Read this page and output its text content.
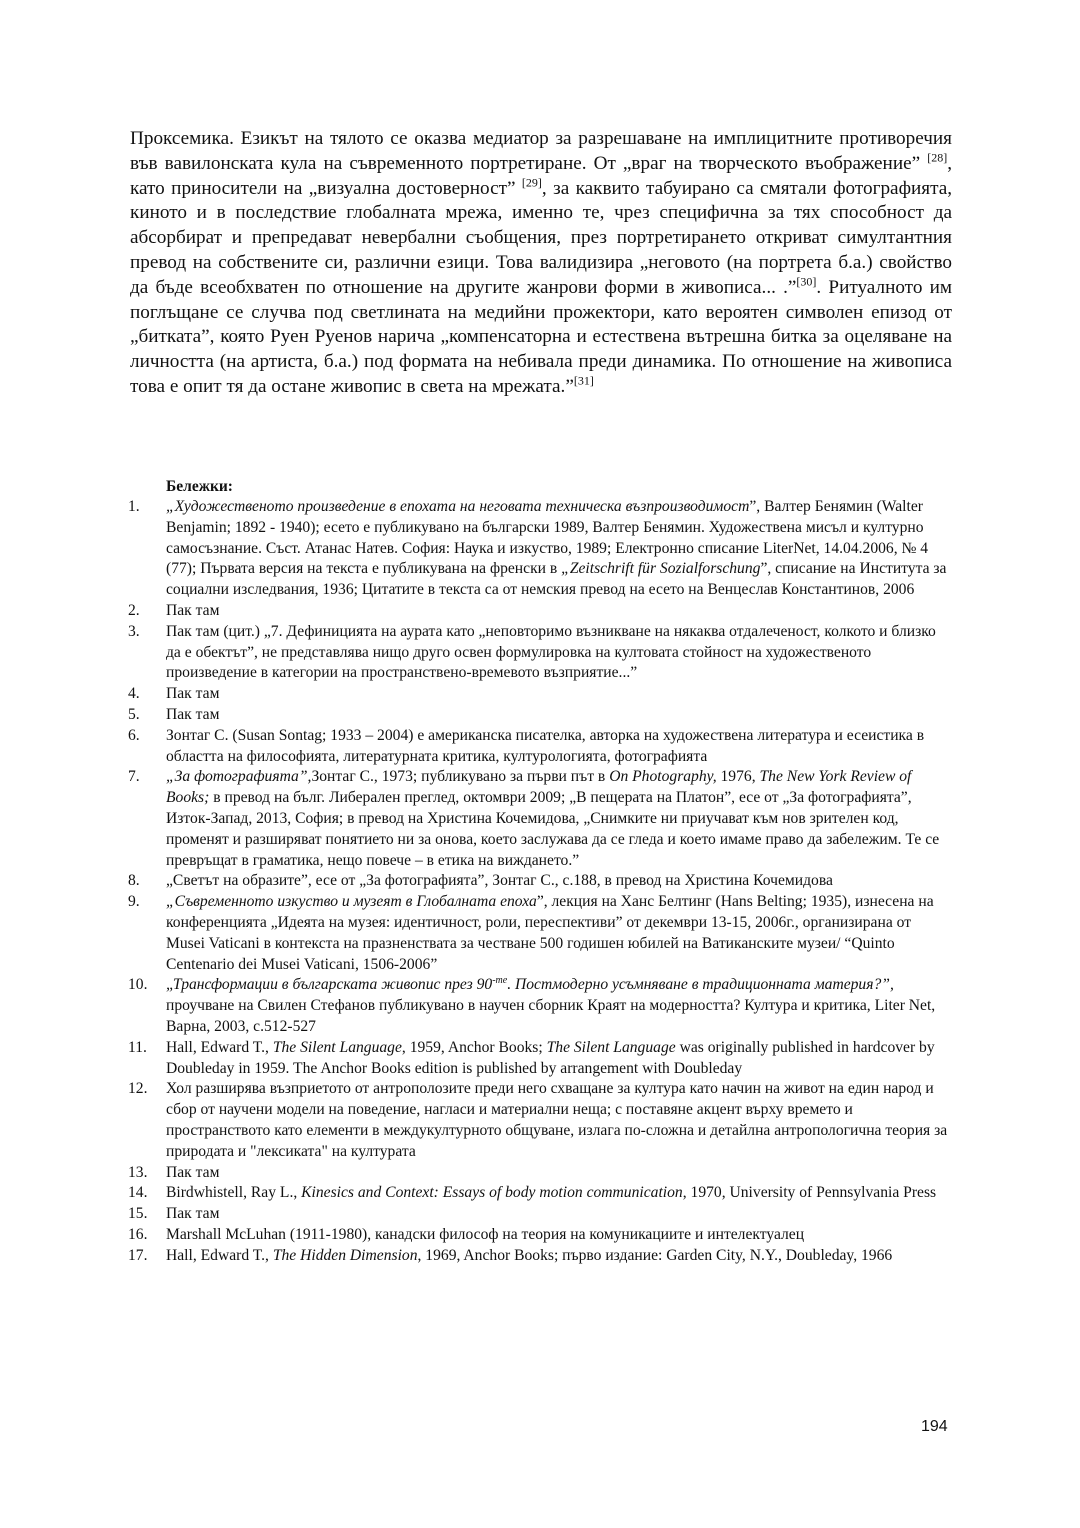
Проксемика. Езикът на тялото се оказва медиатор за разрешаване на имплицитните противоречия във вавилонската кула на съвременното портретиране. От „враг на творческото въображение” [28], като приносители на „визуална достоверност” [29], за каквито табуирано са смятали фотографията, киното и в последствие глобалната мрежа, именно те, чрез специфична за тях способност да абсорбират и препредават невербални съобщения, през портретирането откриват симултантния превод на собствените си, различни езици. Това валидизира „неговото (на портрета б.а.) свойство да бъде всеобхватен по отношение на другите жанрови форми в живописа... .”[30]. Ритуалното им поглъщане се случва под светлината на медийни прожектори, като вероятен символен епизод от „битката”, която Руен Руенов нарича „компенсаторна и естествена вътрешна битка за оцеляване на личността (на артиста, б.а.) под формата на небивала преди динамика. По отношение на живописа това е опит тя да остане живопис в света на мрежата.”[31]

Бележки:

1. „Художественото произведение в епохата на неговата техническа възпроизводимост”, Валтер Бенямин (Walter Benjamin; 1892 - 1940); есето е публикувано на български 1989, Валтер Бенямин. Художествена мисъл и културно самосъзнание. Съст. Атанас Натев. София: Наука и изкуство, 1989; Електронно списание LiterNet, 14.04.2006, № 4 (77); Първата версия на текста е публикувана на френски в „Zeitschrift für Sozialforschung”, списание на Института за социални изследвания, 1936; Цитатите в текста са от немския превод на есето на Венцеслав Константинов, 2006
2. Пак там
3. Пак там (цит.) „7. Дефиницията на аурата като „неповторимо възникване на някаква отдалеченост, колкото и близко да е обектът”, не представлява нищо друго освен формулировка на култовата стойност на художественото произведение в категории на пространствено-времевото възприятие...”
4. Пак там
5. Пак там
6. Зонтаг С. (Susan Sontag; 1933 – 2004) е американска писателка, авторка на художествена литература и есеистика в областта на философията, литературната критика, културологията, фотографията
7. „За фотографията”,Зонтаг С., 1973; публикувано за първи път в On Photography, 1976, The New York Review of Books; в превод на бълг. Либерален преглед, октомври 2009; „В пещерата на Платон”, есе от „За фотографията”, Изток-Запад, 2013, София; в превод на Христина Кочемидова, „Снимките ни приучават към нов зрителен код, променят и разширяват понятието ни за онова, което заслужава да се гледа и което имаме право да забележим. Те се превръщат в граматика, нещо повече – в етика на виждането.”
8. „Светът на образите”, есе от „За фотографията”, Зонтаг С., с.188, в превод на Христина Кочемидова
9. „Съвременното изкуство и музеят в Глобалната епоха”, лекция на Ханс Белтинг (Hans Belting; 1935), изнесена на конференцията „Идеята на музея: идентичност, роли, переспективи” от декември 13-15, 2006г., организирана от Musei Vaticani в контекста на празненствата за честване 500 годишен юбилей на Ватиканските музеи/ “Quinto Centenario dei Musei Vaticani, 1506-2006”
10. „Трансформации в българската живопис през $90^{-те}$. Постмодерно усъмняване в традиционната материя?”, проучване на Свилен Стефанов публикувано в научен сборник Краят на модерността? Култура и критика, Liter Net, Варна, 2003, с.512-527
11. Hall, Edward T., The Silent Language, 1959, Anchor Books; The Silent Language was originally published in hardcover by Doubleday in 1959. The Anchor Books edition is published by arrangement with Doubleday
12. Хол разширява възприетото от антрополозите преди него схващане за култура като начин на живот на един народ и сбор от научени модели на поведение, нагласи и материални неща; с поставяне акцент върху времето и пространството като елементи в междукултурното общуване, излага по-сложна и детайлна антропологична теория за природата и "лексиката" на културата
13. Пак там
14. Birdwhistell, Ray L., Kinesics and Context: Essays of body motion communication, 1970, University of Pennsylvania Press
15. Пак там
16. Marshall McLuhan (1911-1980), канадски философ на теория на комуникациите и интелектуалец
17. Hall, Edward T., The Hidden Dimension, 1969, Anchor Books; първо издание: Garden City, N.Y., Doubleday, 1966

194
